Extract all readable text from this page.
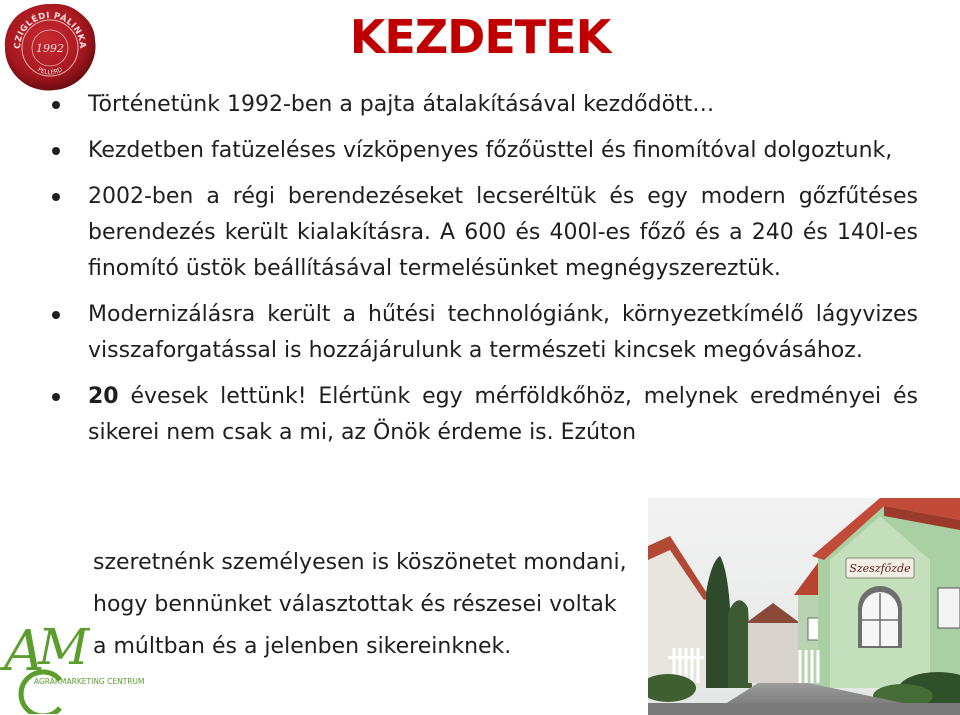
CZIGLÉDI PÁLINKA
1992
PELLÉRD
KEZDETEK
Szeszfőzde
A
M
AGRÁRMARKETING CENTRUM
Történetünk 1992-ben a pajta átalakításával kezdődött…
Kezdetben fatüzeléses vízköpenyes főzőüsttel és finomítóval dolgoztunk,
2002-ben a régi berendezéseket lecseréltük és egy modern gőzfűtéses berendezés került kialakításra. A 600 és 400l-es főző és a 240 és 140l-es finomító üstök beállításával termelésünket megnégyszereztük.
Modernizálásra került a hűtési technológiánk, környezetkímélő lágyvizes visszaforgatással is hozzájárulunk a természeti kincsek megóvásához.
20 évesek lettünk! Elértünk egy mérföldkőhöz, melynek eredményei és sikerei nem csak a mi, az Önök érdeme is. Ezúton
szeretnénk személyesen is köszönetet mondani,
hogy bennünket választottak és részesei voltak
a múltban és a jelenben sikereinknek.
